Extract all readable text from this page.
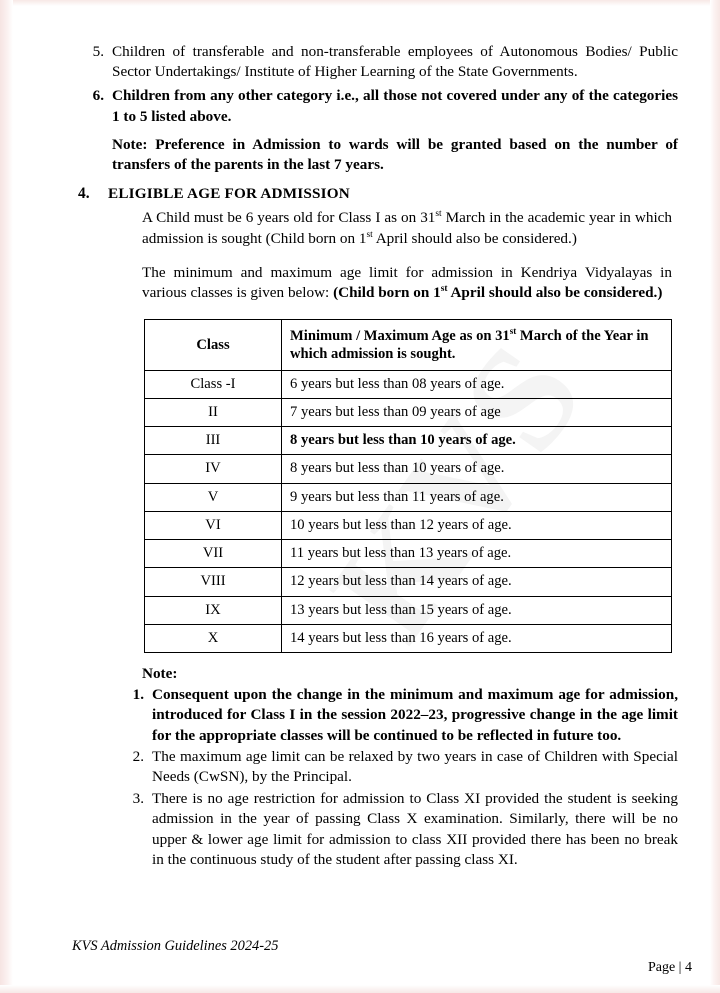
5. Children of transferable and non-transferable employees of Autonomous Bodies/ Public Sector Undertakings/ Institute of Higher Learning of the State Governments.
6. Children from any other category i.e., all those not covered under any of the categories 1 to 5 listed above.

Note: Preference in Admission to wards will be granted based on the number of transfers of the parents in the last 7 years.

4.	ELIGIBLE AGE FOR ADMISSION

A Child must be 6 years old for Class I as on 31st March in the academic year in which admission is sought (Child born on 1st April should also be considered.)

The minimum and maximum age limit for admission in Kendriya Vidyalayas in various classes is given below: (Child born on 1st April should also be considered.)

Class	Minimum / Maximum Age as on 31st March of the Year in which admission is sought.
Class -I	6 years but less than 08 years of age.
II	7 years but less than 09 years of age
III	8 years but less than 10 years of age.
IV	8 years but less than 10 years of age.
V	9 years but less than 11 years of age.
VI	10 years but less than 12 years of age.
VII	11 years but less than 13 years of age.
VIII	12 years but less than 14 years of age.
IX	13 years but less than 15 years of age.
X	14 years but less than 16 years of age.
Note:
1. Consequent upon the change in the minimum and maximum age for admission, introduced for Class I in the session 2022–23, progressive change in the age limit for the appropriate classes will be continued to be reflected in future too.
2. The maximum age limit can be relaxed by two years in case of Children with Special Needs (CwSN), by the Principal.
3. There is no age restriction for admission to Class XI provided the student is seeking admission in the year of passing Class X examination. Similarly, there will be no upper & lower age limit for admission to class XII provided there has been no break in the continuous study of the student after passing class XI.
KVS Admission Guidelines 2024-25
Page | 4
